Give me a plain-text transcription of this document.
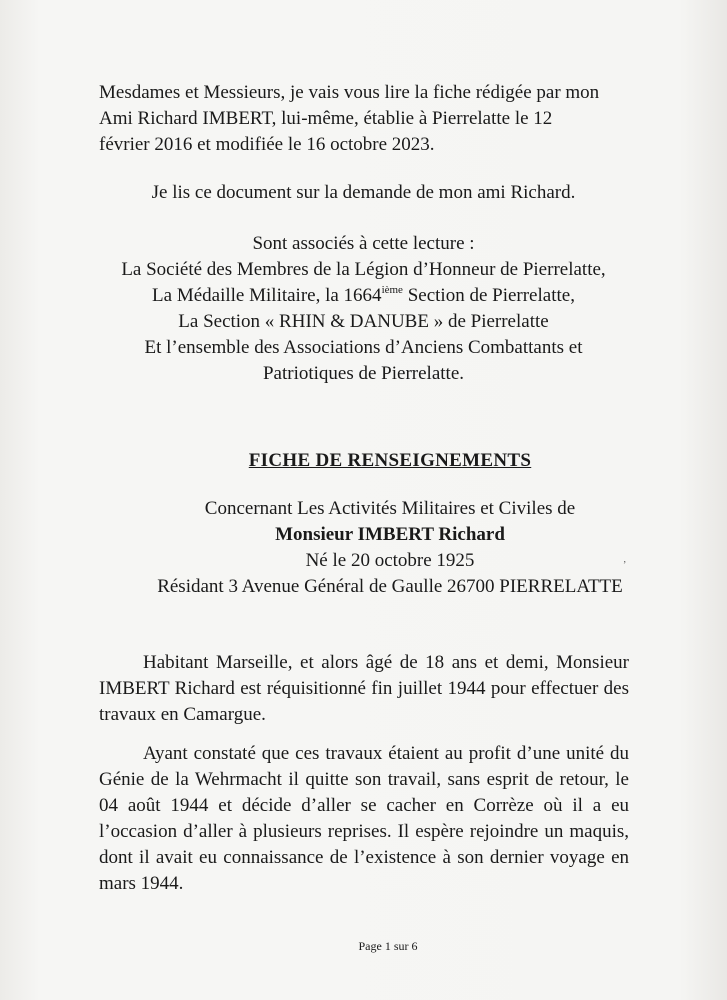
Mesdames et Messieurs, je vais vous lire la fiche rédigée par mon
Ami Richard IMBERT, lui-même, établie à Pierrelatte le 12
février 2016 et modifiée le 16 octobre 2023.
Je lis ce document sur la demande de mon ami Richard.
Sont associés à cette lecture :
La Société des Membres de la Légion d’Honneur de Pierrelatte,
La Médaille Militaire, la 1664ième Section de Pierrelatte,
La Section « RHIN & DANUBE » de Pierrelatte
Et l’ensemble des Associations d’Anciens Combattants et
Patriotiques de Pierrelatte.
FICHE DE RENSEIGNEMENTS
Concernant Les Activités Militaires et Civiles de
Monsieur IMBERT Richard
Né le 20 octobre 1925
Résidant 3 Avenue Général de Gaulle 26700 PIERRELATTE
ʼ
Habitant Marseille, et alors âgé de 18 ans et demi, Monsieur IMBERT Richard est réquisitionné fin juillet 1944 pour effectuer des travaux en Camargue.
Ayant constaté que ces travaux étaient au profit d’une unité du Génie de la Wehrmacht il quitte son travail, sans esprit de retour, le 04 août 1944 et décide d’aller se cacher en Corrèze où il a eu l’occasion d’aller à plusieurs reprises. Il espère rejoindre un maquis, dont il avait eu connaissance de l’existence à son dernier voyage en mars 1944.
Page 1 sur 6
